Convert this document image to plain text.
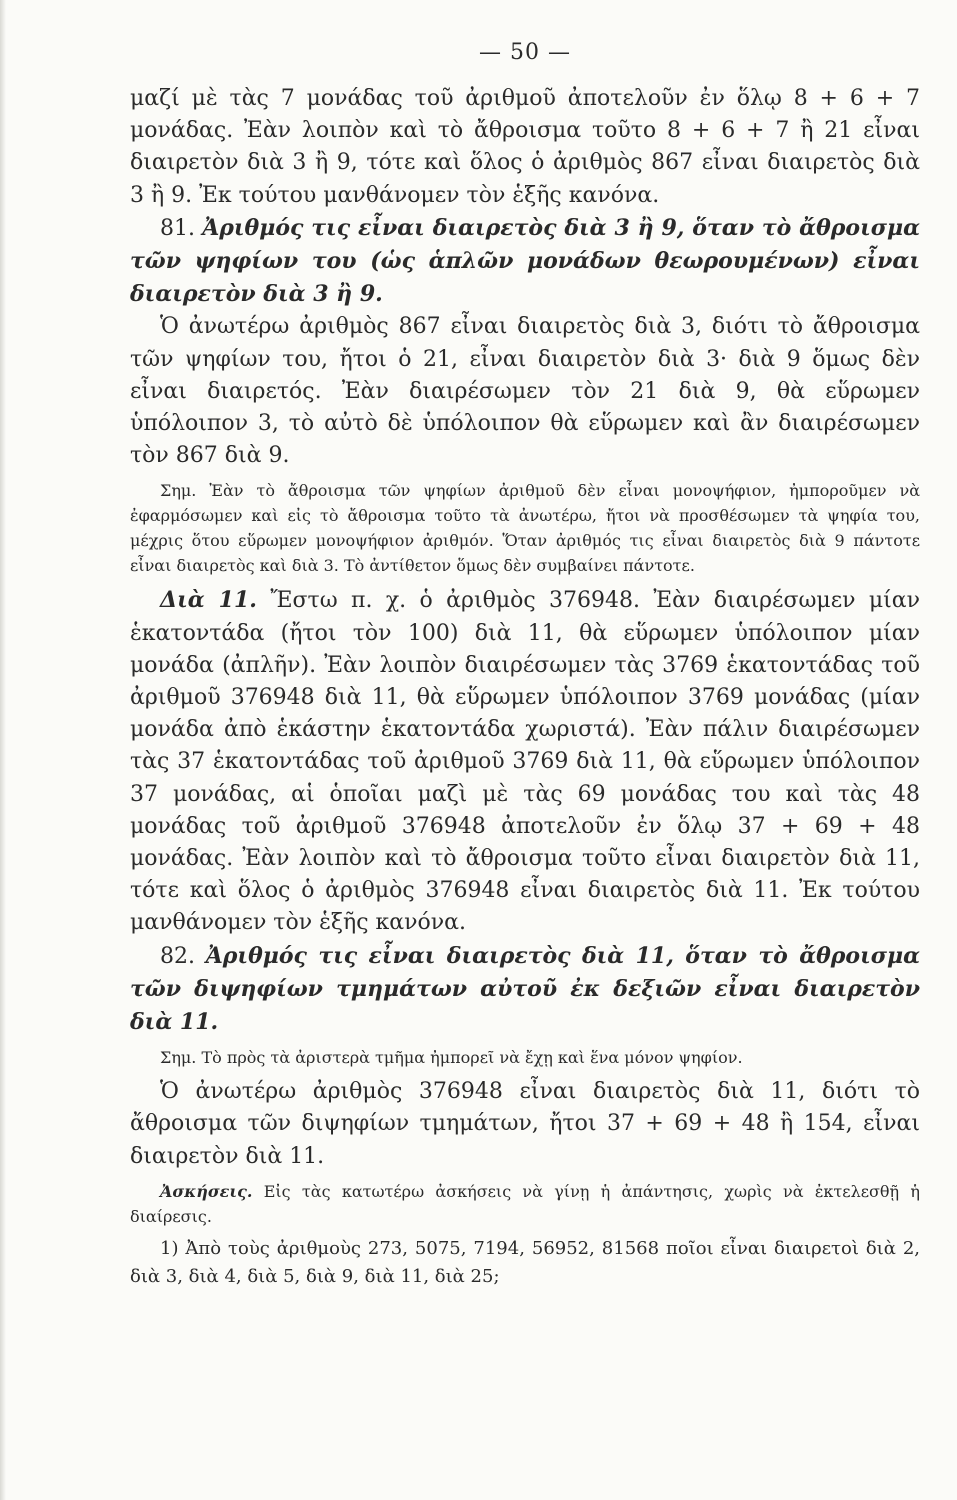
— 50 —

μαζί μὲ τὰς 7 μονάδας τοῦ ἀριθμοῦ ἀποτελοῦν ἐν ὅλῳ 8 + 6 + 7 μονάδας. Ἐὰν λοιπὸν καὶ τὸ ἄθροισμα τοῦτο 8 + 6 + 7 ἢ 21 εἶναι διαιρετὸν διὰ 3 ἢ 9, τότε καὶ ὅλος ὁ ἀριθμὸς 867 εἶναι διαιρετὸς διὰ 3 ἢ 9. Ἐκ τούτου μανθάνομεν τὸν ἑξῆς κανόνα.

81. Ἀριθμός τις εἶναι διαιρετὸς διὰ 3 ἢ 9, ὅταν τὸ ἄθροισμα τῶν ψηφίων του (ὡς ἁπλῶν μονάδων θεωρουμένων) εἶναι διαιρετὸν διὰ 3 ἢ 9.

Ὁ ἀνωτέρω ἀριθμὸς 867 εἶναι διαιρετὸς διὰ 3, διότι τὸ ἄθροισμα τῶν ψηφίων του, ἤτοι ὁ 21, εἶναι διαιρετὸν διὰ 3· διὰ 9 ὅμως δὲν εἶναι διαιρετός. Ἐὰν διαιρέσωμεν τὸν 21 διὰ 9, θὰ εὕρωμεν ὑπόλοιπον 3, τὸ αὐτὸ δὲ ὑπόλοιπον θὰ εὕρωμεν καὶ ἂν διαιρέσωμεν τὸν 867 διὰ 9.

Σημ. Ἐὰν τὸ ἄθροισμα τῶν ψηφίων ἀριθμοῦ δὲν εἶναι μονοψήφιον, ἠμποροῦμεν νὰ ἐφαρμόσωμεν καὶ εἰς τὸ ἄθροισμα τοῦτο τὰ ἀνωτέρω, ἤτοι νὰ προσθέσωμεν τὰ ψηφία του, μέχρις ὅτου εὕρωμεν μονοψήφιον ἀριθμόν. Ὅταν ἀριθμός τις εἶναι διαιρετὸς διὰ 9 πάντοτε εἶναι διαιρετὸς καὶ διὰ 3. Τὸ ἀντίθετον ὅμως δὲν συμβαίνει πάντοτε.

Διὰ 11. Ἔστω π. χ. ὁ ἀριθμὸς 376948. Ἐὰν διαιρέσωμεν μίαν ἑκατοντάδα (ἤτοι τὸν 100) διὰ 11, θὰ εὕρωμεν ὑπόλοιπον μίαν μονάδα (ἀπλῆν). Ἐὰν λοιπὸν διαιρέσωμεν τὰς 3769 ἑκατοντάδας τοῦ ἀριθμοῦ 376948 διὰ 11, θὰ εὕρωμεν ὑπόλοιπον 3769 μονάδας (μίαν μονάδα ἀπὸ ἑκάστην ἑκατοντάδα χωριστά). Ἐὰν πάλιν διαιρέσωμεν τὰς 37 ἑκατοντάδας τοῦ ἀριθμοῦ 3769 διὰ 11, θὰ εὕρωμεν ὑπόλοιπον 37 μονάδας, αἱ ὁποῖαι μαζὶ μὲ τὰς 69 μονάδας του καὶ τὰς 48 μονάδας τοῦ ἀριθμοῦ 376948 ἀποτελοῦν ἐν ὅλῳ 37 + 69 + 48 μονάδας. Ἐὰν λοιπὸν καὶ τὸ ἄθροισμα τοῦτο εἶναι διαιρετὸν διὰ 11, τότε καὶ ὅλος ὁ ἀριθμὸς 376948 εἶναι διαιρετὸς διὰ 11. Ἐκ τούτου μανθάνομεν τὸν ἑξῆς κανόνα.

82. Ἀριθμός τις εἶναι διαιρετὸς διὰ 11, ὅταν τὸ ἄθροισμα τῶν διψηφίων τμημάτων αὐτοῦ ἐκ δεξιῶν εἶναι διαιρετὸν διὰ 11.

Σημ. Τὸ πρὸς τὰ ἀριστερὰ τμῆμα ἠμπορεῖ νὰ ἔχῃ καὶ ἕνα μόνον ψηφίον.

Ὁ ἀνωτέρω ἀριθμὸς 376948 εἶναι διαιρετὸς διὰ 11, διότι τὸ ἄθροισμα τῶν διψηφίων τμημάτων, ἤτοι 37 + 69 + 48 ἢ 154, εἶναι διαιρετὸν διὰ 11.

Ἀσκήσεις. Εἰς τὰς κατωτέρω ἀσκήσεις νὰ γίνῃ ἡ ἀπάντησις, χωρὶς νὰ ἐκτελεσθῇ ἡ διαίρεσις.

1) Ἀπὸ τοὺς ἀριθμοὺς 273, 5075, 7194, 56952, 81568 ποῖοι εἶναι διαιρετοὶ διὰ 2, διὰ 3, διὰ 4, διὰ 5, διὰ 9, διὰ 11, διὰ 25;
